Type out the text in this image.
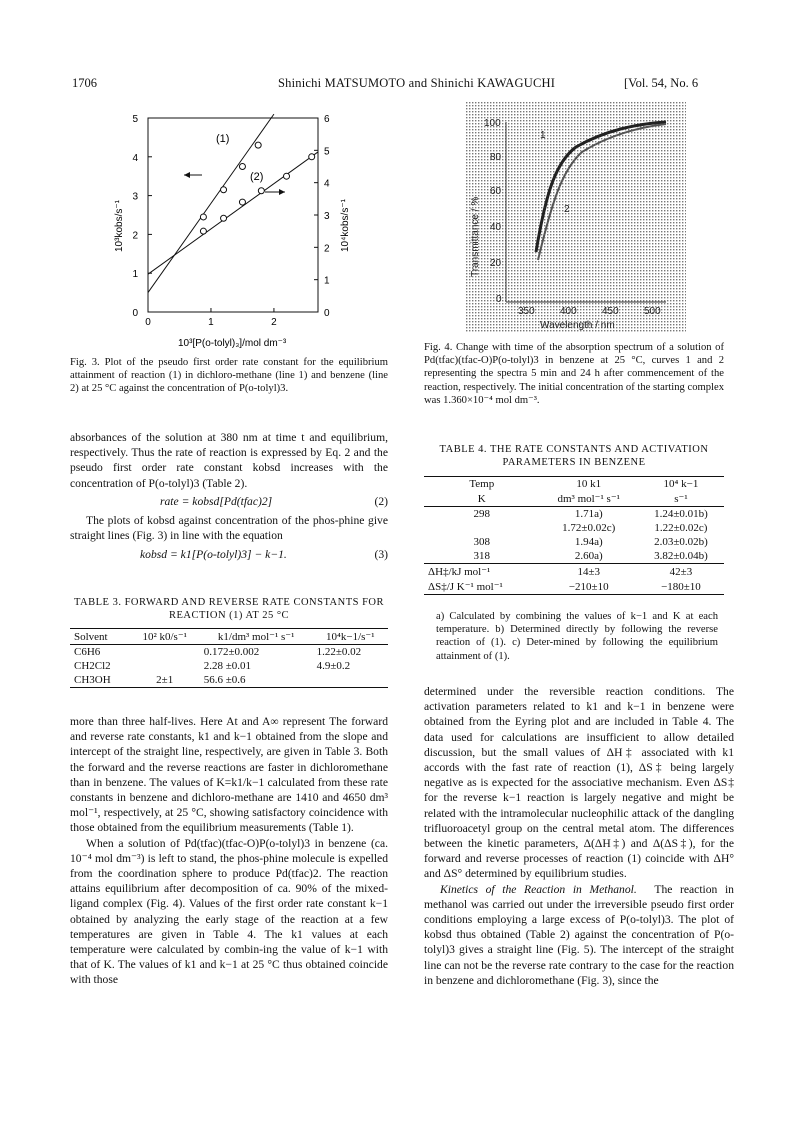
1706	Shinichi MATSUMOTO and Shinichi KAWAGUCHI	[Vol. 54, No. 6
0
1
2
3
4
5
0
1
2
3
4
5
6
0	1	2
(1)
(2)
10³kobs/s⁻¹	10⁴kobs/s⁻¹
10³[P(o-tolyl)₃]/mol dm⁻³
Fig. 3. Plot of the pseudo first order rate constant for the equilibrium attainment of reaction (1) in dichloro-methane (line 1) and benzene (line 2) at 25 °C against the concentration of P(o-tolyl)3.
100
80
60
40
20
0
350	400	450	500
Wavelength / nm
Transmittance / %
1
2
Fig. 4. Change with time of the absorption spectrum of a solution of Pd(tfac)(tfac-O)P(o-tolyl)3 in benzene at 25 °C, curves 1 and 2 representing the spectra 5 min and 24 h after commencement of the reaction, respectively. The initial concentration of the starting complex was 1.360×10⁻⁴ mol dm⁻³.

absorbances of the solution at 380 nm at time t and equilibrium, respectively. Thus the rate of reaction is expressed by Eq. 2 and the pseudo first order rate constant kobsd increases with the concentration of P(o-tolyl)3 (Table 2).

rate = kobsd[Pd(tfac)2]	(2)

The plots of kobsd against concentration of the phos-phine give straight lines (Fig. 3) in line with the equation

kobsd = k1[P(o-tolyl)3] − k−1.	(3)
TABLE 3. FORWARD AND REVERSE RATE CONSTANTS FOR REACTION (1) AT 25 °C
Solvent	10² k0/s⁻¹	k1/dm³ mol⁻¹ s⁻¹	10⁴k−1/s⁻¹
C6H6		0.172±0.002	1.22±0.02
CH2Cl2		2.28 ±0.01	4.9±0.2
CH3OH	2±1	56.6 ±0.6	

more than three half-lives. Here At and A∞ represent The forward and reverse rate constants, k1 and k−1 obtained from the slope and intercept of the straight line, respectively, are given in Table 3. Both the forward and the reverse reactions are faster in dichloromethane than in benzene. The values of K=k1/k−1 calculated from these rate constants in benzene and dichloro-methane are 1410 and 4650 dm³ mol⁻¹, respectively, at 25 °C, showing satisfactory coincidence with those obtained from the equilibrium measurements (Table 1).

When a solution of Pd(tfac)(tfac-O)P(o-tolyl)3 in benzene (ca. 10⁻⁴ mol dm⁻³) is left to stand, the phos-phine molecule is expelled from the coordination sphere to produce Pd(tfac)2. The reaction attains equilibrium after decomposition of ca. 90% of the mixed-ligand complex (Fig. 4). Values of the first order rate constant k−1 obtained by analyzing the early stage of the reaction at a few temperatures are given in Table 4. The k1 values at each temperature were calculated by combin-ing the value of k−1 with that of K. The values of k1 and k−1 at 25 °C thus obtained coincide with those

TABLE 4. THE RATE CONSTANTS AND ACTIVATION PARAMETERS IN BENZENE
Temp	10 k1	10⁴ k−1
K	dm³ mol⁻¹ s⁻¹	s⁻¹
298	1.71a)	1.24±0.01b)
	1.72±0.02c)	1.22±0.02c)
308	1.94a)	2.03±0.02b)
318	2.60a)	3.82±0.04b)
ΔH‡/kJ mol⁻¹	14±3	42±3
ΔS‡/J K⁻¹ mol⁻¹	−210±10	−180±10
a) Calculated by combining the values of k−1 and K at each temperature. b) Determined directly by following the reverse reaction of (1). c) Deter-mined by following the equilibrium attainment of (1).

determined under the reversible reaction conditions. The activation parameters related to k1 and k−1 in benzene were obtained from the Eyring plot and are included in Table 4. The data used for calculations are insufficient to allow detailed discussion, but the small values of ΔH‡ associated with k1 accords with the fast rate of reaction (1), ΔS‡ being largely negative as is expected for the associative mechanism. Even ΔS‡ for the reverse k−1 reaction is largely negative and might be related with the intramolecular nucleophilic attack of the dangling trifluoroacetyl group on the central metal atom. The differences between the kinetic parameters, Δ(ΔH‡) and Δ(ΔS‡), for the forward and reverse processes of reaction (1) coincide with ΔH° and ΔS° determined by equilibrium studies.

Kinetics of the Reaction in Methanol. The reaction in methanol was carried out under the irreversible pseudo first order conditions employing a large excess of P(o-tolyl)3. The plot of kobsd thus obtained (Table 2) against the concentration of P(o-tolyl)3 gives a straight line (Fig. 5). The intercept of the straight line can not be the reverse rate contrary to the case for the reaction in benzene and dichloromethane (Fig. 3), since the
